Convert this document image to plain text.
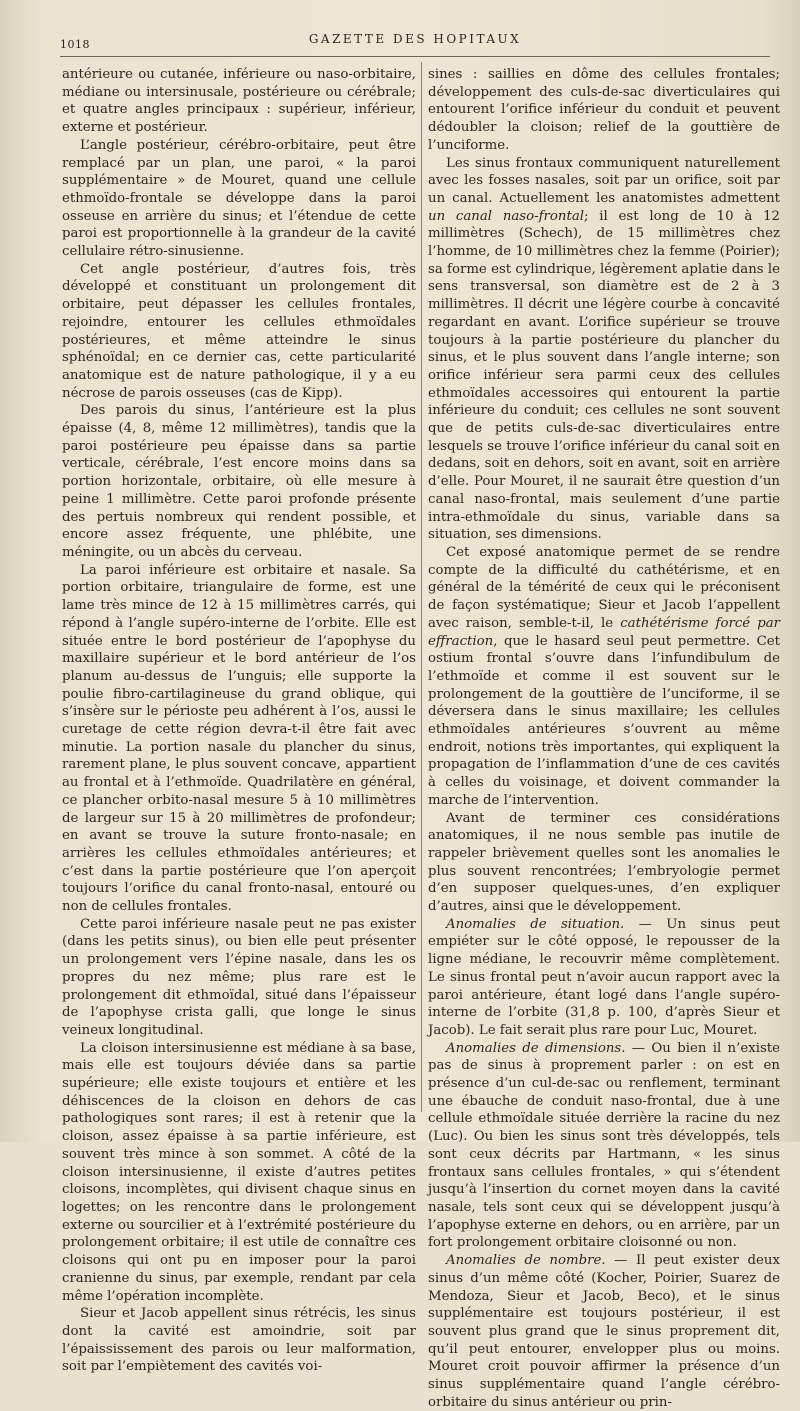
1018	GAZETTE DES HOPITAUX

antérieure ou cutanée, inférieure ou naso-orbitaire, médiane ou intersinusale, postérieure ou cérébrale; et quatre angles principaux : supérieur, inférieur, externe et postérieur.

L’angle postérieur, cérébro-orbitaire, peut être remplacé par un plan, une paroi, « la paroi supplémentaire » de Mouret, quand une cellule ethmoïdo-frontale se développe dans la paroi osseuse en arrière du sinus; et l’étendue de cette paroi est proportionnelle à la grandeur de la cavité cellulaire rétro-sinusienne.

Cet angle postérieur, d’autres fois, très développé et constituant un prolongement dit orbitaire, peut dépasser les cellules frontales, rejoindre, entourer les cellules ethmoïdales postérieures, et même atteindre le sinus sphénoïdal; en ce dernier cas, cette particularité anatomique est de nature pathologique, il y a eu nécrose de parois osseuses (cas de Kipp).

Des parois du sinus, l’antérieure est la plus épaisse (4, 8, même 12 millimètres), tandis que la paroi postérieure peu épaisse dans sa partie verticale, cérébrale, l’est encore moins dans sa portion horizontale, orbitaire, où elle mesure à peine 1 millimètre. Cette paroi profonde présente des pertuis nombreux qui rendent possible, et encore assez fréquente, une phlébite, une méningite, ou un abcès du cerveau.

La paroi inférieure est orbitaire et nasale. Sa portion orbitaire, triangulaire de forme, est une lame très mince de 12 à 15 millimètres carrés, qui répond à l’angle supéro-interne de l’orbite. Elle est située entre le bord postérieur de l’apophyse du maxillaire supérieur et le bord antérieur de l’os planum au-dessus de l’unguis; elle supporte la poulie fibro-cartilagineuse du grand oblique, qui s’insère sur le périoste peu adhérent à l’os, aussi le curetage de cette région devra-t-il être fait avec minutie. La portion nasale du plancher du sinus, rarement plane, le plus souvent concave, appartient au frontal et à l’ethmoïde. Quadrilatère en général, ce plancher orbito-nasal mesure 5 à 10 millimètres de largeur sur 15 à 20 millimètres de profondeur; en avant se trouve la suture fronto-nasale; en arrières les cellules ethmoïdales antérieures; et c’est dans la partie postérieure que l’on aperçoit toujours l’orifice du canal fronto-nasal, entouré ou non de cellules frontales.

Cette paroi inférieure nasale peut ne pas exister (dans les petits sinus), ou bien elle peut présenter un prolongement vers l’épine nasale, dans les os propres du nez même; plus rare est le prolongement dit ethmoïdal, situé dans l’épaisseur de l’apophyse crista galli, que longe le sinus veineux longitudinal.

La cloison intersinusienne est médiane à sa base, mais elle est toujours déviée dans sa partie supérieure; elle existe toujours et entière et les déhiscences de la cloison en dehors de cas pathologiques sont rares; il est à retenir que la cloison, assez épaisse à sa partie inférieure, est souvent très mince à son sommet. A côté de la cloison intersinusienne, il existe d’autres petites cloisons, incomplètes, qui divisent chaque sinus en logettes; on les rencontre dans le prolongement externe ou sourcilier et à l’extrémité postérieure du prolongement orbitaire; il est utile de connaître ces cloisons qui ont pu en imposer pour la paroi cranienne du sinus, par exemple, rendant par cela même l’opération incomplète.

Sieur et Jacob appellent sinus rétrécis, les sinus dont la cavité est amoindrie, soit par l’épaississement des parois ou leur malformation, soit par l’empiètement des cavités voi-

sines : saillies en dôme des cellules frontales; développement des culs-de-sac diverticulaires qui entourent l’orifice inférieur du conduit et peuvent dédoubler la cloison; relief de la gouttière de l’unciforme.

Les sinus frontaux communiquent naturellement avec les fosses nasales, soit par un orifice, soit par un canal. Actuellement les anatomistes admettent un canal naso-frontal; il est long de 10 à 12 millimètres (Schech), de 15 millimètres chez l’homme, de 10 millimètres chez la femme (Poirier); sa forme est cylindrique, légèrement aplatie dans le sens transversal, son diamètre est de 2 à 3 millimètres. Il décrit une légère courbe à concavité regardant en avant. L’orifice supérieur se trouve toujours à la partie postérieure du plancher du sinus, et le plus souvent dans l’angle interne; son orifice inférieur sera parmi ceux des cellules ethmoïdales accessoires qui entourent la partie inférieure du conduit; ces cellules ne sont souvent que de petits culs-de-sac diverticulaires entre lesquels se trouve l’orifice inférieur du canal soit en dedans, soit en dehors, soit en avant, soit en arrière d’elle. Pour Mouret, il ne saurait être question d’un canal naso-frontal, mais seulement d’une partie intra-ethmoïdale du sinus, variable dans sa situation, ses dimensions.

Cet exposé anatomique permet de se rendre compte de la difficulté du cathétérisme, et en général de la témérité de ceux qui le préconisent de façon systématique; Sieur et Jacob l’appellent avec raison, semble-t-il, le cathétérisme forcé par effraction, que le hasard seul peut permettre. Cet ostium frontal s’ouvre dans l’infundibulum de l’ethmoïde et comme il est souvent sur le prolongement de la gouttière de l’unciforme, il se déversera dans le sinus maxillaire; les cellules ethmoïdales antérieures s’ouvrent au même endroit, notions très importantes, qui expliquent la propagation de l’inflammation d’une de ces cavités à celles du voisinage, et doivent commander la marche de l’intervention.

Avant de terminer ces considérations anatomiques, il ne nous semble pas inutile de rappeler brièvement quelles sont les anomalies le plus souvent rencontrées; l’embryologie permet d’en supposer quelques-unes, d’en expliquer d’autres, ainsi que le développement.

Anomalies de situation. — Un sinus peut empiéter sur le côté opposé, le repousser de la ligne médiane, le recouvrir même complètement. Le sinus frontal peut n’avoir aucun rapport avec la paroi antérieure, étant logé dans l’angle supéro-interne de l’orbite (31,8 p. 100, d’après Sieur et Jacob). Le fait serait plus rare pour Luc, Mouret.

Anomalies de dimensions. — Ou bien il n’existe pas de sinus à proprement parler : on est en présence d’un cul-de-sac ou renflement, terminant une ébauche de conduit naso-frontal, due à une cellule ethmoïdale située derrière la racine du nez (Luc). Ou bien les sinus sont très développés, tels sont ceux décrits par Hartmann, « les sinus frontaux sans cellules frontales, » qui s’étendent jusqu’à l’insertion du cornet moyen dans la cavité nasale, tels sont ceux qui se développent jusqu’à l’apophyse externe en dehors, ou en arrière, par un fort prolongement orbitaire cloisonné ou non.

Anomalies de nombre. — Il peut exister deux sinus d’un même côté (Kocher, Poirier, Suarez de Mendoza, Sieur et Jacob, Beco), et le sinus supplémentaire est toujours postérieur, il est souvent plus grand que le sinus proprement dit, qu’il peut entourer, envelopper plus ou moins. Mouret croit pouvoir affirmer la présence d’un sinus supplémentaire quand l’angle cérébro-orbitaire du sinus antérieur ou prin-
